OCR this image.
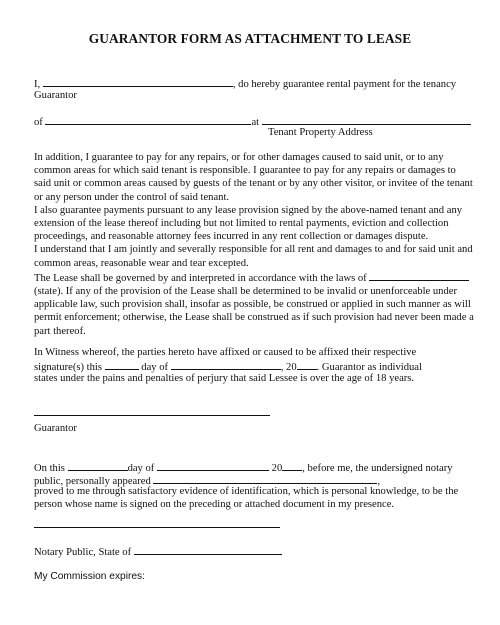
GUARANTOR FORM AS ATTACHMENT TO LEASE
I,	, do hereby guarantee rental payment for the tenancy
Guarantor
of	at
Tenant Property Address

In addition, I guarantee to pay for any repairs, or for other damages caused to said unit, or to any common areas for which said tenant is responsible. I guarantee to pay for any repairs or damages to said unit or common areas caused by guests of the tenant or by any other visitor, or invitee of the tenant or any person under the control of said tenant.

I also guarantee payments pursuant to any lease provision signed by the above-named tenant and any extension of the lease thereof including but not limited to rental payments, eviction and collection proceedings, and reasonable attorney fees incurred in any rent collection or damages dispute.

I understand that I am jointly and severally responsible for all rent and damages to and for said unit and common areas, reasonable wear and tear excepted.

The Lease shall be governed by and interpreted in accordance with the laws of  (state). If any of the provision of the Lease shall be determined to be invalid or unenforceable under applicable law, such provision shall, insofar as possible, be construed or applied in such manner as will permit enforcement; otherwise, the Lease shall be construed as if such provision had never been made a part thereof.

In Witness whereof, the parties hereto have affixed or caused to be affixed their respective
signature(s) this	day of	, 20 . Guarantor as individual
states under the pains and penalties of perjury that said Lessee is over the age of 18 years.
Guarantor
On this	day of	20 , before me, the undersigned notary
public, personally appeared	,
proved to me through satisfactory evidence of identification, which is personal knowledge, to be the person whose name is signed on the preceding or attached document in my presence.
Notary Public, State of
My Commission expires:
